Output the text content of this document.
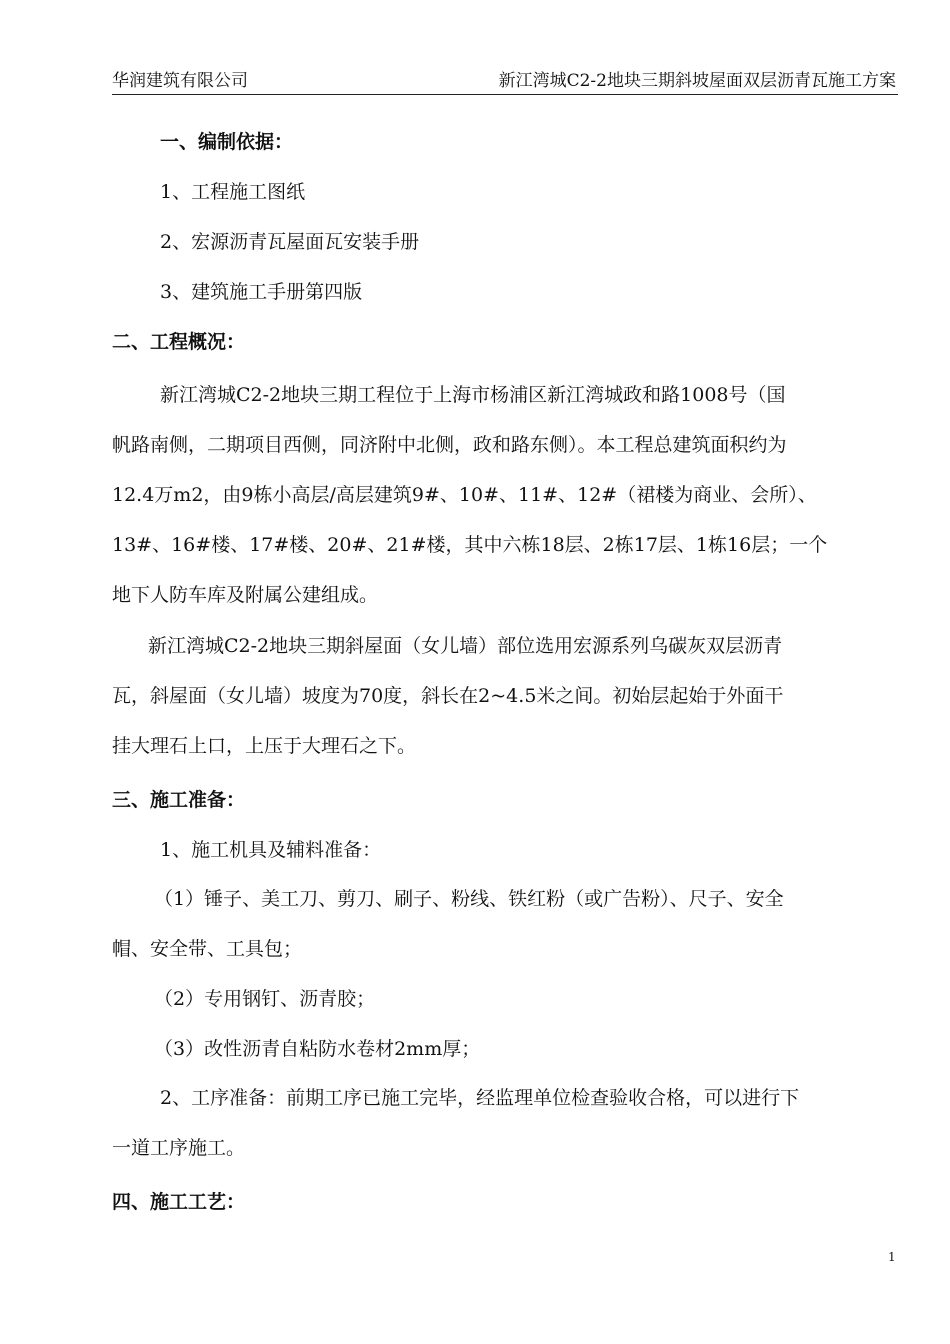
华润建筑有限公司	新江湾城C2-2地块三期斜坡屋面双层沥青瓦施工方案
一、编制依据：
1、工程施工图纸
2、宏源沥青瓦屋面瓦安装手册
3、建筑施工手册第四版
二、工程概况：
新江湾城C2-2地块三期工程位于上海市杨浦区新江湾城政和路1008号（国
帆路南侧，二期项目西侧，同济附中北侧，政和路东侧）。本工程总建筑面积约为
12.4万m2，由9栋小高层/高层建筑9#、10#、11#、12#（裙楼为商业、会所）、
13#、16#楼、17#楼、20#、21#楼，其中六栋18层、2栋17层、1栋16层；一个
地下人防车库及附属公建组成。
新江湾城C2-2地块三期斜屋面（女儿墙）部位选用宏源系列乌碳灰双层沥青
瓦，斜屋面（女儿墙）坡度为70度，斜长在2~4.5米之间。初始层起始于外面干
挂大理石上口，上压于大理石之下。
三、施工准备：
1、施工机具及辅料准备：
（1）锤子、美工刀、剪刀、刷子、粉线、铁红粉（或广告粉）、尺子、安全
帽、安全带、工具包；
（2）专用钢钉、沥青胶；
（3）改性沥青自粘防水卷材2mm厚；
2、工序准备：前期工序已施工完毕，经监理单位检查验收合格，可以进行下
一道工序施工。
四、施工工艺：
1
